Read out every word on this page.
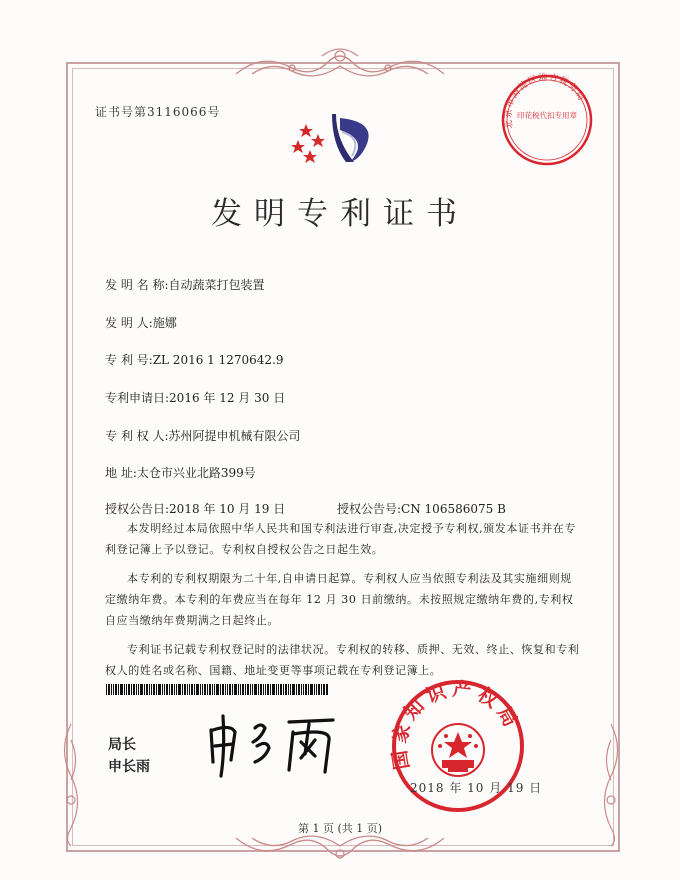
证书号第3116066号
北京市海淀区地方税务局
印花税代扣专用章
发明专利证书
发 明 名 称:自动蔬菜打包装置
发 明 人:施娜
专 利 号:ZL 2016 1 1270642.9
专利申请日:2016 年 12 月 30 日
专 利 权 人:苏州阿提申机械有限公司
地 址:太仓市兴业北路399号
授权公告日:2018 年 10 月 19 日	授权公告号:CN 106586075 B

本发明经过本局依照中华人民共和国专利法进行审查,决定授予专利权,颁发本证书并在专利登记簿上予以登记。专利权自授权公告之日起生效。

本专利的专利权期限为二十年,自申请日起算。专利权人应当依照专利法及其实施细则规定缴纳年费。本专利的年费应当在每年 12 月 30 日前缴纳。未按照规定缴纳年费的,专利权自应当缴纳年费期满之日起终止。

专利证书记载专利权登记时的法律状况。专利权的转移、质押、无效、终止、恢复和专利权人的姓名或名称、国籍、地址变更等事项记载在专利登记簿上。

局长
申长雨	国家知识产权局
2018 年 10 月 19 日
第 1 页 (共 1 页)
